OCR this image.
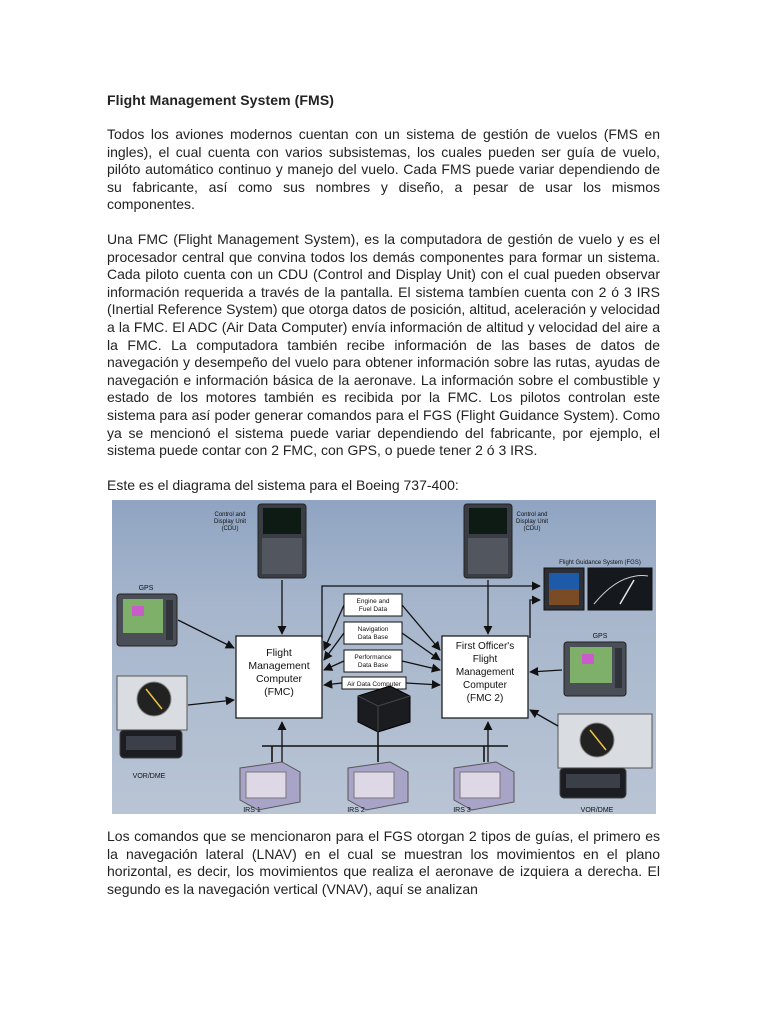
Flight Management System (FMS)

Todos los aviones modernos cuentan con un sistema de gestión de vuelos (FMS en ingles), el cual cuenta con varios subsistemas, los cuales pueden ser guía de vuelo, pilóto automático continuo y manejo del vuelo. Cada FMS puede variar dependiendo de su fabricante, así como sus nombres y diseño, a pesar de usar los mismos componentes.

Una FMC (Flight Management System), es la computadora de gestión de vuelo y es el procesador central que convina todos los demás componentes para formar un sistema. Cada piloto cuenta con un CDU (Control and Display Unit) con el cual pueden observar información requerida a través de la pantalla. El sistema tambíen cuenta con 2 ó 3 IRS (Inertial Reference System) que otorga datos de posición, altitud, aceleración y velocidad a la FMC. El ADC (Air Data Computer) envía información de altitud y velocidad del aire a la FMC. La computadora también recibe información de las bases de datos de navegación y desempeño del vuelo para obtener información sobre las rutas, ayudas de navegación e información básica de la aeronave. La información sobre el combustible y estado de los motores también es recibida por la FMC. Los pilotos controlan este sistema para así poder generar comandos para el FGS (Flight Guidance System). Como ya se mencionó el sistema puede variar dependiendo del fabricante, por ejemplo, el sistema puede contar con 2 FMC, con GPS, o puede tener 2 ó 3 IRS.

Este es el diagrama del sistema para el Boeing 737-400:

Control and Display Unit (CDU)
Control and Display Unit (CDU)
Flight Guidance System (FGS)
GPS
GPS
Engine and Fuel Data
Navigation Data Base
Performance Data Base
Air Data Computer
Flight Management Computer (FMC)
First Officer's Flight Management Computer (FMC 2)
VOR/DME
VOR/DME
IRS 1	IRS 2	IRS 3

Los comandos que se mencionaron para el FGS otorgan 2 tipos de guías, el primero es la navegación lateral (LNAV) en el cual se muestran los movimientos en el plano horizontal, es decir, los movimientos que realiza el aeronave de izquiera a derecha. El segundo es la navegación vertical (VNAV), aquí se analizan
